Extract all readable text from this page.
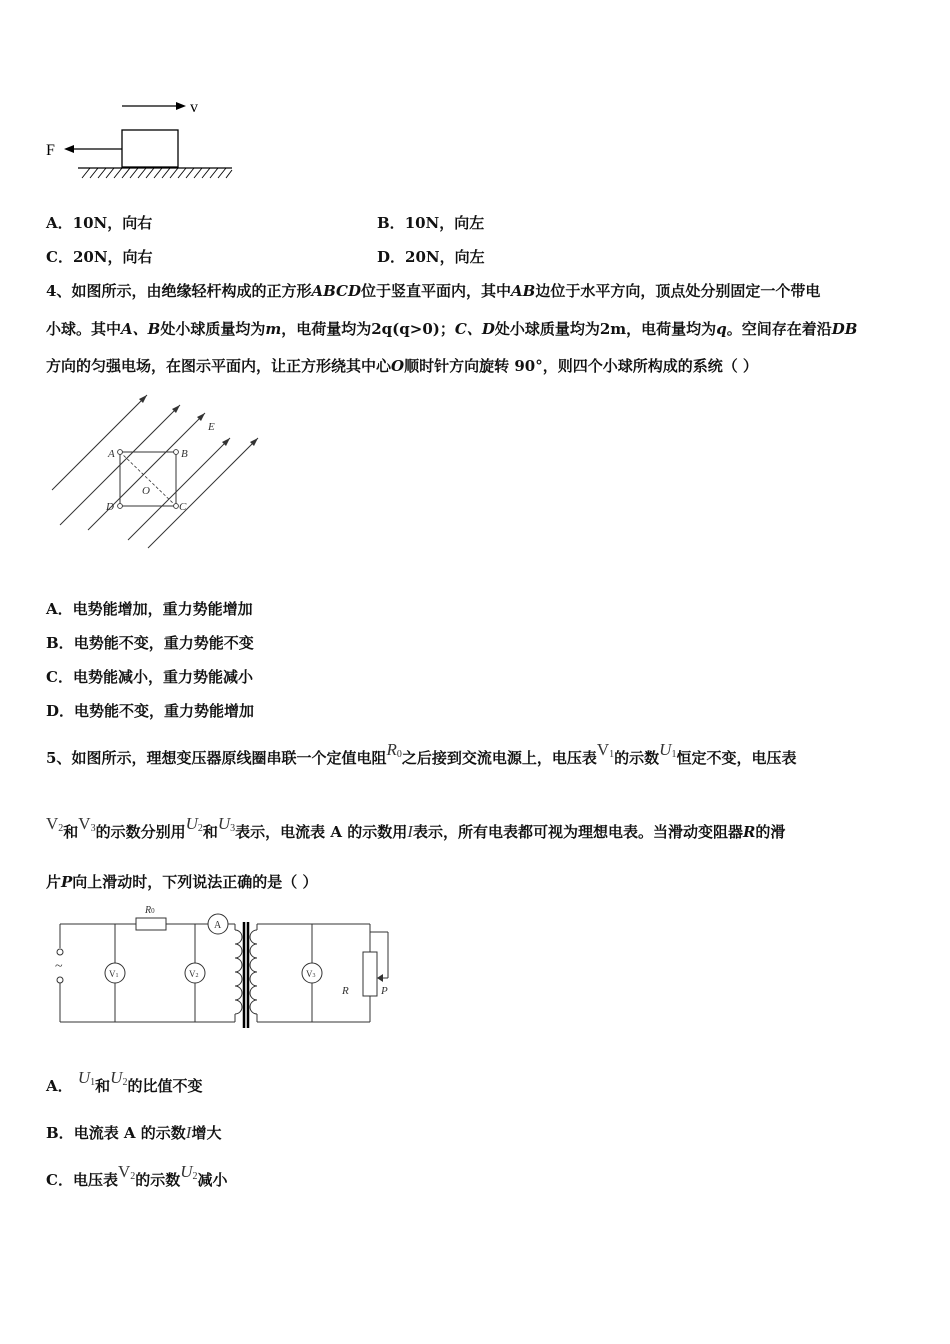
v
F
A．10N，向右	B．10N，向左
C．20N，向右	D．20N，向左
4、如图所示，由绝缘轻杆构成的正方形ABCD位于竖直平面内，其中AB边位于水平方向，顶点处分别固定一个带电
小球。其中A、B处小球质量均为m，电荷量均为2q(q>0)；C、D处小球质量均为2m，电荷量均为q。空间存在着沿DB
方向的匀强电场，在图示平面内，让正方形绕其中心O顺时针方向旋转 90°，则四个小球所构成的系统（ ）
E
A	B
C
D
O
A．电势能增加，重力势能增加
B．电势能不变，重力势能不变
C．电势能减小，重力势能减小
D．电势能不变，重力势能增加
5、如图所示，理想变压器原线圈串联一个定值电阻$R_0$之后接到交流电源上，电压表$V_1$的示数$U_1$恒定不变，电压表
$V_2$和$V_3$的示数分别用$U_2$和$U_3$表示，电流表 A 的示数用I表示，所有电表都可视为理想电表。当滑动变阻器R的滑
片P向上滑动时，下列说法正确的是（ ）
~
R0
A
V1	V2	V3
R	P
A． $U_1$和$U_2$的比值不变
B．电流表 A 的示数I增大
C．电压表$V_2$的示数$U_2$减小
